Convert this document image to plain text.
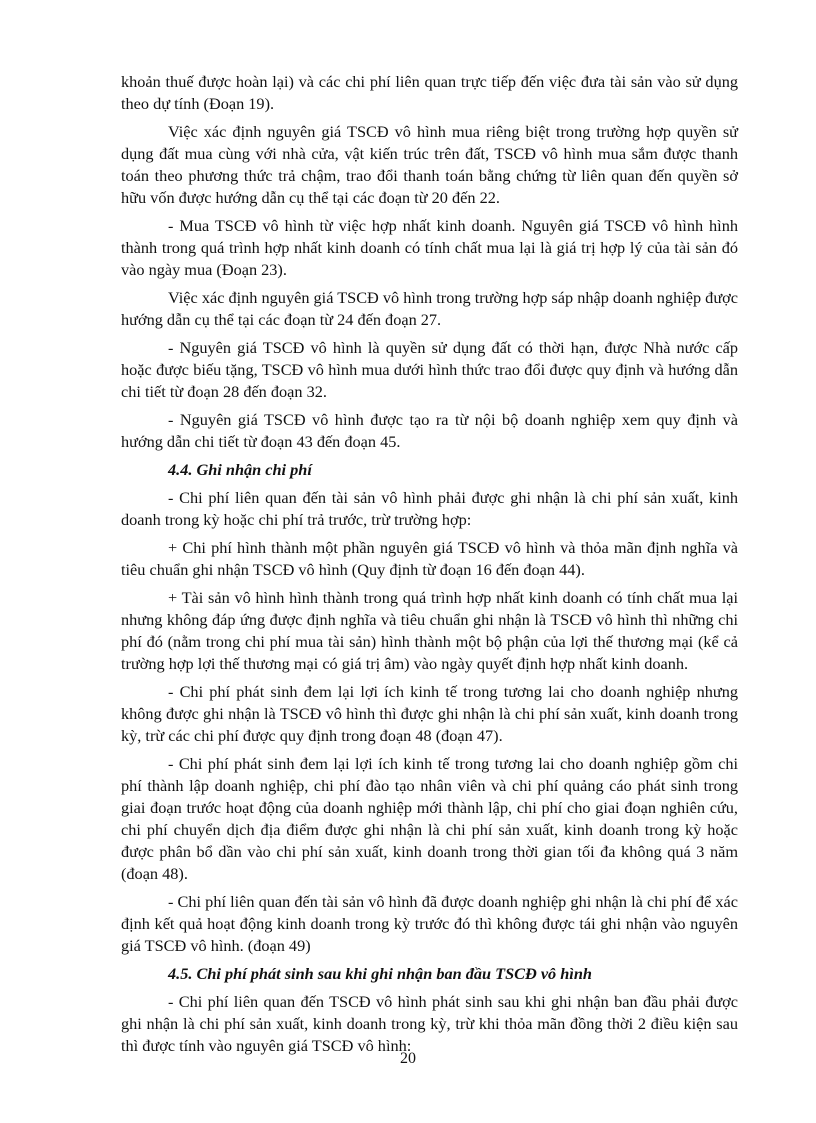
khoản thuế được hoàn lại) và các chi phí liên quan trực tiếp đến việc đưa tài sản vào sử dụng theo dự tính (Đoạn 19).

Việc xác định nguyên giá TSCĐ vô hình mua riêng biệt trong trường hợp quyền sử dụng đất mua cùng với nhà cửa, vật kiến trúc trên đất, TSCĐ vô hình mua sắm được thanh toán theo phương thức trả chậm, trao đổi thanh toán bằng chứng từ liên quan đến quyền sở hữu vốn được hướng dẫn cụ thể tại các đoạn từ 20 đến 22.

- Mua TSCĐ vô hình từ việc hợp nhất kinh doanh. Nguyên giá TSCĐ vô hình hình thành trong quá trình hợp nhất kinh doanh có tính chất mua lại là giá trị hợp lý của tài sản đó vào ngày mua (Đoạn 23).

Việc xác định nguyên giá TSCĐ vô hình trong trường hợp sáp nhập doanh nghiệp được hướng dẫn cụ thể tại các đoạn từ 24 đến đoạn 27.

- Nguyên giá TSCĐ vô hình là quyền sử dụng đất có thời hạn, được Nhà nước cấp hoặc được biếu tặng, TSCĐ vô hình mua dưới hình thức trao đổi được quy định và hướng dẫn chi tiết từ đoạn 28 đến đoạn 32.

- Nguyên giá TSCĐ vô hình được tạo ra từ nội bộ doanh nghiệp xem quy định và hướng dẫn chi tiết từ đoạn 43 đến đoạn 45.

4.4. Ghi nhận chi phí

- Chi phí liên quan đến tài sản vô hình phải được ghi nhận là chi phí sản xuất, kinh doanh trong kỳ hoặc chi phí trả trước, trừ trường hợp:

+ Chi phí hình thành một phần nguyên giá TSCĐ vô hình và thỏa mãn định nghĩa và tiêu chuẩn ghi nhận TSCĐ vô hình (Quy định từ đoạn 16 đến đoạn 44).

+ Tài sản vô hình hình thành trong quá trình hợp nhất kinh doanh có tính chất mua lại nhưng không đáp ứng được định nghĩa và tiêu chuẩn ghi nhận là TSCĐ vô hình thì những chi phí đó (nằm trong chi phí mua tài sản) hình thành một bộ phận của lợi thế thương mại (kể cả trường hợp lợi thế thương mại có giá trị âm) vào ngày quyết định hợp nhất kinh doanh.

- Chi phí phát sinh đem lại lợi ích kinh tế trong tương lai cho doanh nghiệp nhưng không được ghi nhận là TSCĐ vô hình thì được ghi nhận là chi phí sản xuất, kinh doanh trong kỳ, trừ các chi phí được quy định trong đoạn 48 (đoạn 47).

- Chi phí phát sinh đem lại lợi ích kinh tế trong tương lai cho doanh nghiệp gồm chi phí thành lập doanh nghiệp, chi phí đào tạo nhân viên và chi phí quảng cáo phát sinh trong giai đoạn trước hoạt động của doanh nghiệp mới thành lập, chi phí cho giai đoạn nghiên cứu, chi phí chuyển dịch địa điểm được ghi nhận là chi phí sản xuất, kinh doanh trong kỳ hoặc được phân bổ dần vào chi phí sản xuất, kinh doanh trong thời gian tối đa không quá 3 năm (đoạn 48).

- Chi phí liên quan đến tài sản vô hình đã được doanh nghiệp ghi nhận là chi phí để xác định kết quả hoạt động kinh doanh trong kỳ trước đó thì không được tái ghi nhận vào nguyên giá TSCĐ vô hình. (đoạn 49)

4.5. Chi phí phát sinh sau khi ghi nhận ban đầu TSCĐ vô hình

- Chi phí liên quan đến TSCĐ vô hình phát sinh sau khi ghi nhận ban đầu phải được ghi nhận là chi phí sản xuất, kinh doanh trong kỳ, trừ khi thỏa mãn đồng thời 2 điều kiện sau thì được tính vào nguyên giá TSCĐ vô hình:

20
